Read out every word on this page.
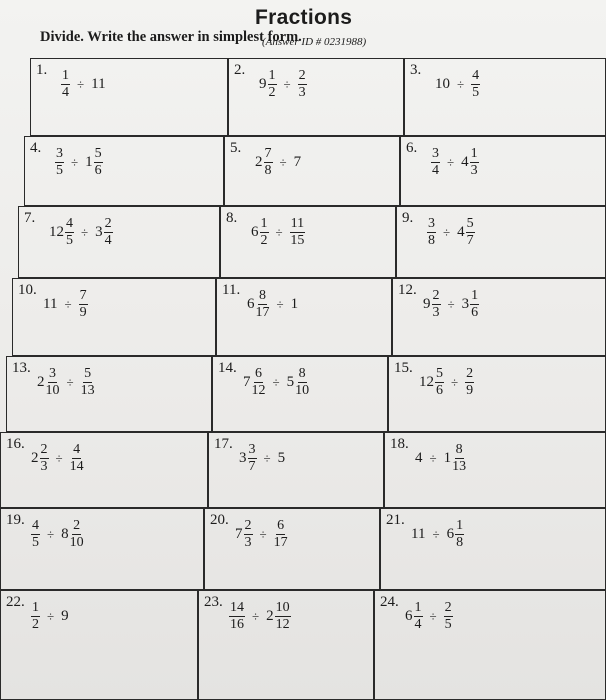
Fractions
Divide. Write the answer in simplest form.
(Answer ID # 0231988)
1. $\frac{1}{4} \div 11$
2.
$9 \frac{1}{2} \div \frac{2}{3}$	3.
$10 \div \frac{4}{5}$
4. $\frac{3}{5} \div 1 \frac{5}{6}$	5.
$2 \frac{7}{8} \div 7$
6. $\frac{3}{4} \div 4 \frac{1}{3}$
7.
$12 \frac{4}{5} \div 3 \frac{2}{4}$	8.
$6 \frac{1}{2} \div \frac{11}{15}$	9. $\frac{3}{8} \div 4 \frac{5}{7}$
10.
$11 \div \frac{7}{9}$	11.
$6 \frac{8}{17} \div 1$
12.
$9 \frac{2}{3} \div 3 \frac{1}{6}$
13.
$2 \frac{3}{10} \div \frac{5}{13}$	14.
$7 \frac{6}{12} \div 5 \frac{8}{10}$	15.
$12 \frac{5}{6} \div \frac{2}{9}$
16.
$2 \frac{2}{3} \div \frac{4}{14}$	17.
$3 \frac{3}{7} \div 5$
18.
$4 \div 1 \frac{8}{13}$
19. $\frac{4}{5} \div 8 \frac{2}{10}$	20.
$7 \frac{2}{3} \div \frac{6}{17}$	21.
$11 \div 6 \frac{1}{8}$
22. $\frac{1}{2} \div 9$
23. $\frac{14}{16} \div 2 \frac{10}{12}$	24.
$6 \frac{1}{4} \div \frac{2}{5}$
